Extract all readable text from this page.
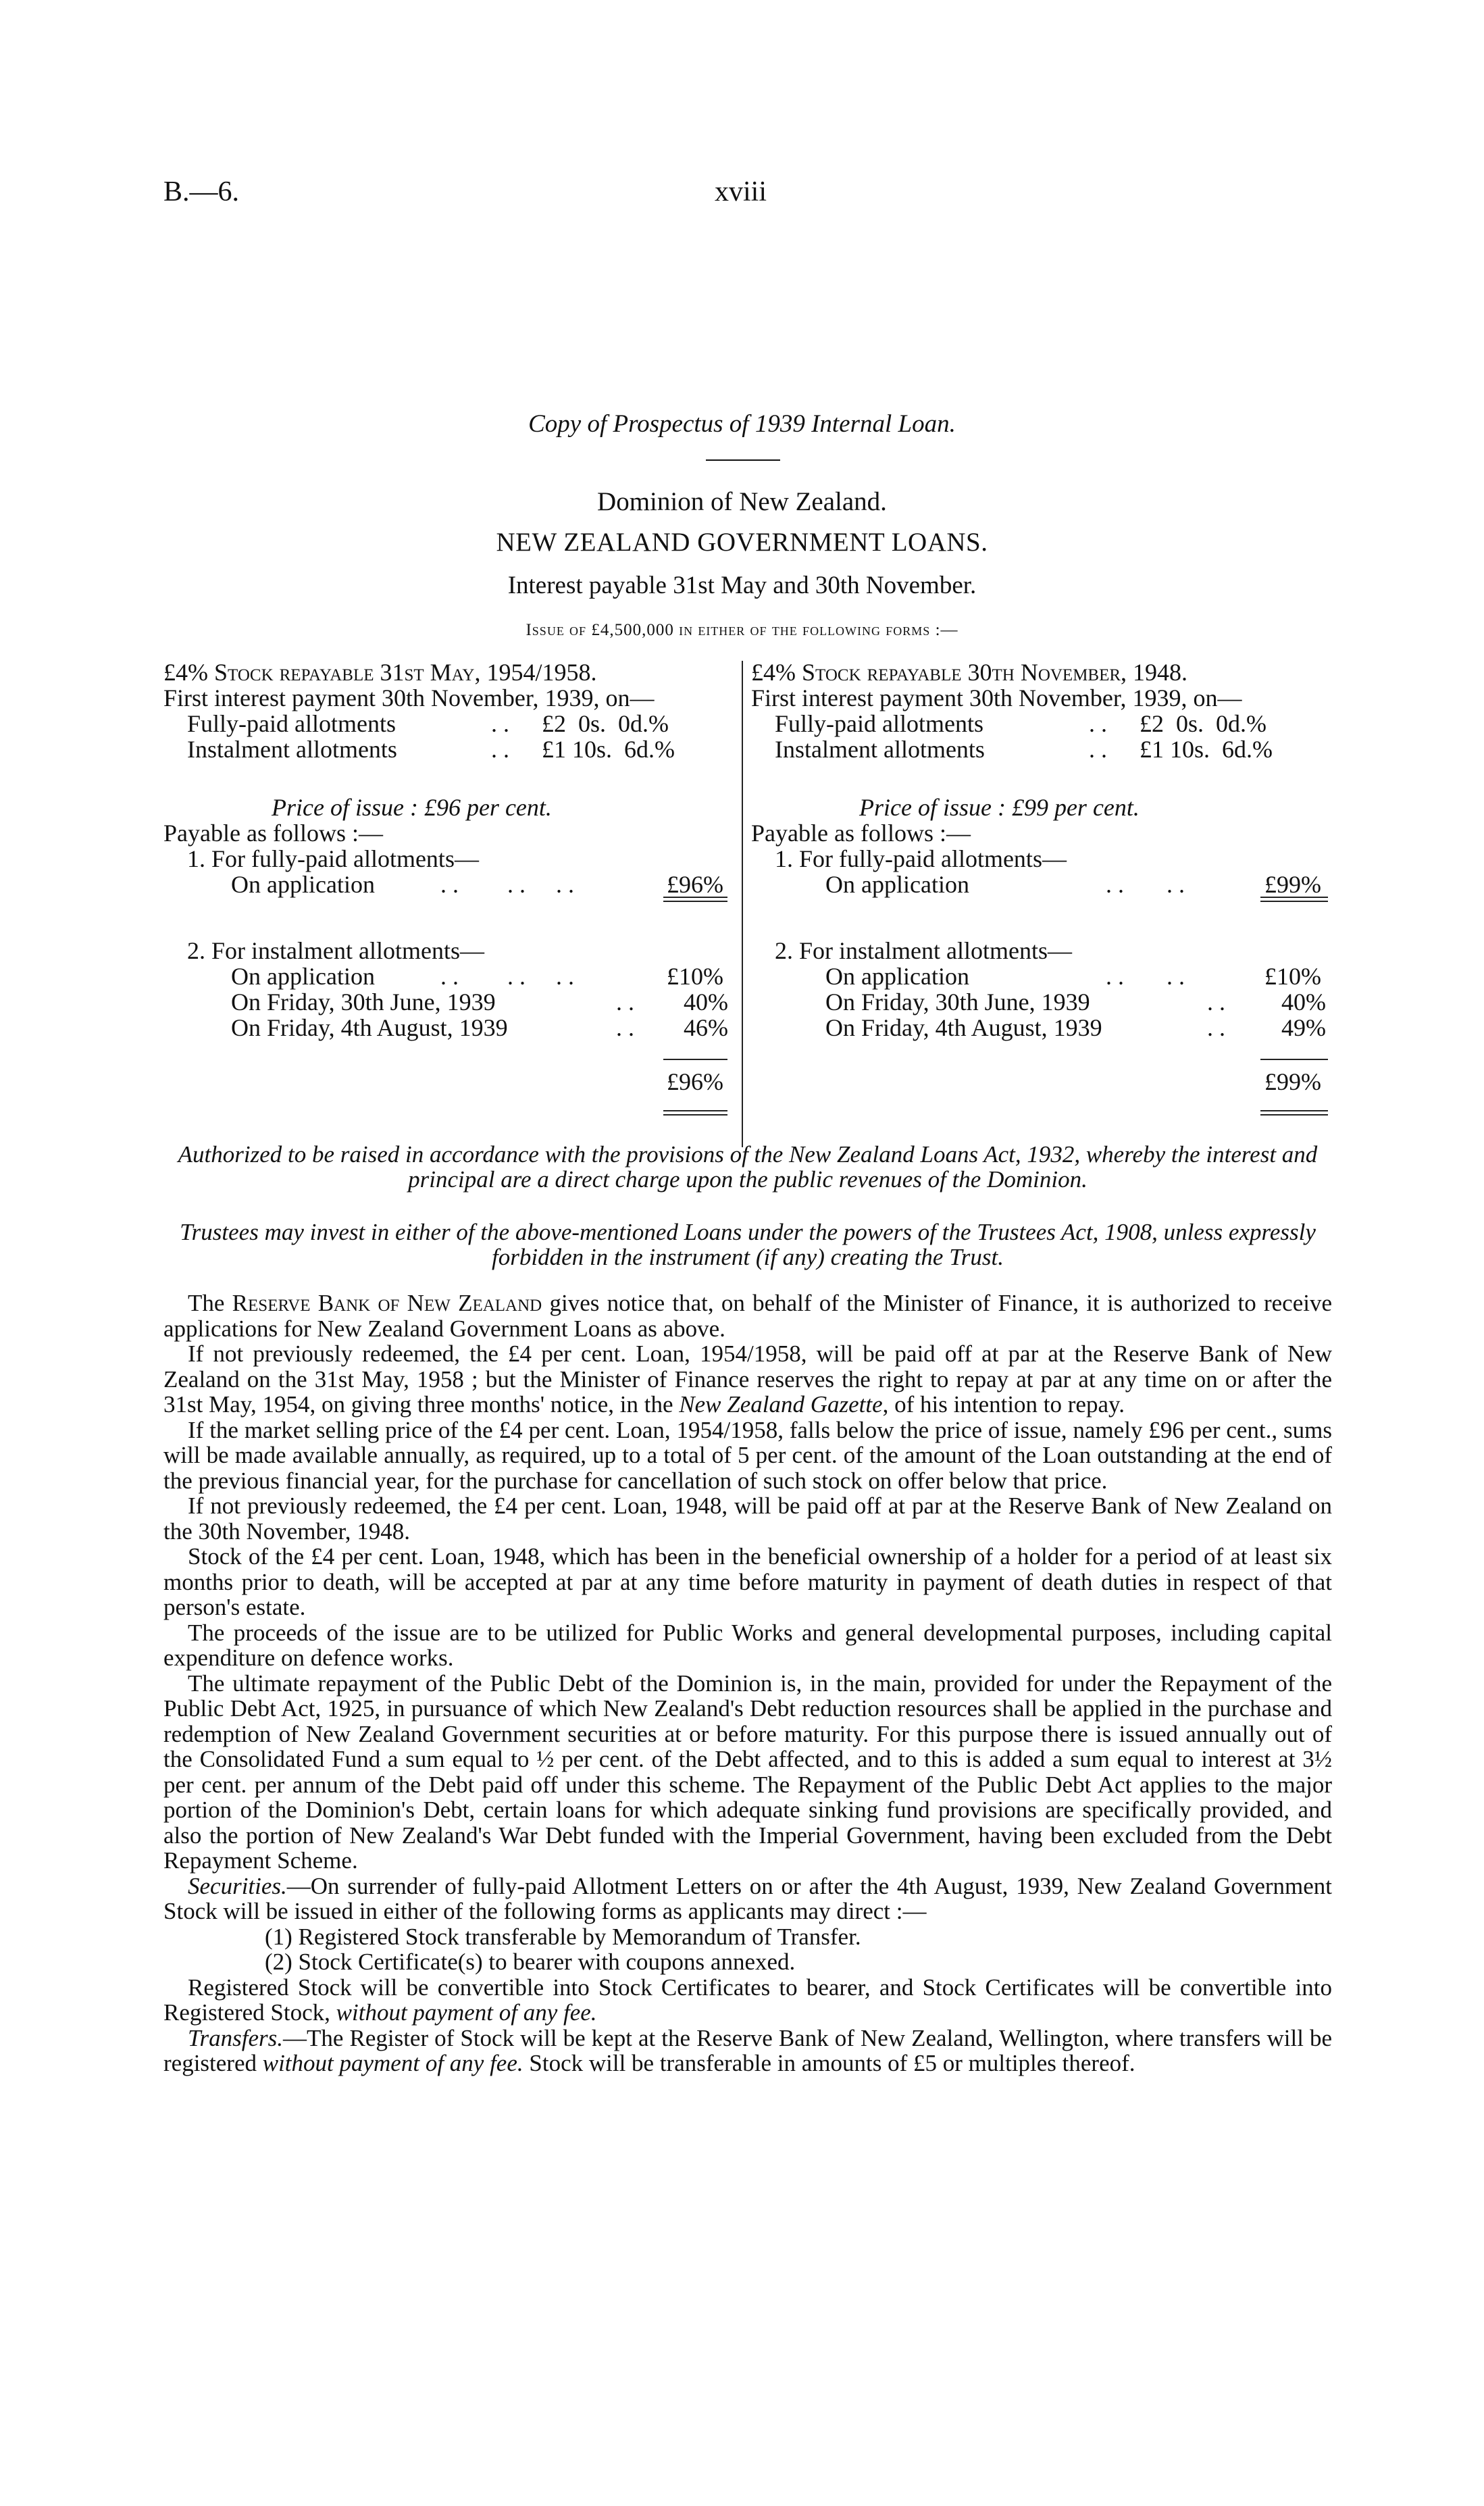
B.—6.	xviii
Copy of Prospectus of 1939 Internal Loan.
Dominion of New Zealand.
NEW ZEALAND GOVERNMENT LOANS.
Interest payable 31st May and 30th November.
Issue of £4,500,000 in either of the following forms :—
£4% Stock repayable 31st May, 1954/1958.
First interest payment 30th November, 1939, on—
Fully-paid allotments	. . £2  0s.  0d.%
Instalment allotments	. . £1 10s.  6d.%
Price of issue : £96 per cent.
Payable as follows :—
1. For fully-paid allotments—
On application	. .        . .     . .	£96%
2. For instalment allotments—
On application	. .        . .     . .	£10%
On Friday, 30th June, 1939	. . 40%
On Friday, 4th August, 1939	. . 46%
£96%
£4% Stock repayable 30th November, 1948.
First interest payment 30th November, 1939, on—
Fully-paid allotments	. . £2  0s.  0d.%
Instalment allotments	. . £1 10s.  6d.%
Price of issue : £99 per cent.
Payable as follows :—
1. For fully-paid allotments—
On application	. .       . .	£99%
2. For instalment allotments—
On application	. .       . .	£10%
On Friday, 30th June, 1939	. . 40%
On Friday, 4th August, 1939	. . 49%
£99%
Authorized to be raised in accordance with the provisions of the New Zealand Loans Act, 1932, whereby the interest and principal are a direct charge upon the public revenues of the Dominion.
Trustees may invest in either of the above-mentioned Loans under the powers of the Trustees Act, 1908, unless expressly forbidden in the instrument (if any) creating the Trust.

The Reserve Bank of New Zealand gives notice that, on behalf of the Minister of Finance, it is authorized to receive applications for New Zealand Government Loans as above.

If not previously redeemed, the £4 per cent. Loan, 1954/1958, will be paid off at par at the Reserve Bank of New Zealand on the 31st May, 1958 ; but the Minister of Finance reserves the right to repay at par at any time on or after the 31st May, 1954, on giving three months' notice, in the New Zealand Gazette, of his intention to repay.

If the market selling price of the £4 per cent. Loan, 1954/1958, falls below the price of issue, namely £96 per cent., sums will be made available annually, as required, up to a total of 5 per cent. of the amount of the Loan outstanding at the end of the previous financial year, for the purchase for cancellation of such stock on offer below that price.

If not previously redeemed, the £4 per cent. Loan, 1948, will be paid off at par at the Reserve Bank of New Zealand on the 30th November, 1948.

Stock of the £4 per cent. Loan, 1948, which has been in the beneficial ownership of a holder for a period of at least six months prior to death, will be accepted at par at any time before maturity in payment of death duties in respect of that person's estate.

The proceeds of the issue are to be utilized for Public Works and general developmental purposes, including capital expenditure on defence works.

The ultimate repayment of the Public Debt of the Dominion is, in the main, provided for under the Repayment of the Public Debt Act, 1925, in pursuance of which New Zealand's Debt reduction resources shall be applied in the purchase and redemption of New Zealand Government securities at or before maturity. For this purpose there is issued annually out of the Consolidated Fund a sum equal to ½ per cent. of the Debt affected, and to this is added a sum equal to interest at 3½ per cent. per annum of the Debt paid off under this scheme. The Repayment of the Public Debt Act applies to the major portion of the Dominion's Debt, certain loans for which adequate sinking fund provisions are specifically provided, and also the portion of New Zealand's War Debt funded with the Imperial Government, having been excluded from the Debt Repayment Scheme.

Securities.—On surrender of fully-paid Allotment Letters on or after the 4th August, 1939, New Zealand Government Stock will be issued in either of the following forms as applicants may direct :—

(1) Registered Stock transferable by Memorandum of Transfer.

(2) Stock Certificate(s) to bearer with coupons annexed.

Registered Stock will be convertible into Stock Certificates to bearer, and Stock Certificates will be convertible into Registered Stock, without payment of any fee.

Transfers.—The Register of Stock will be kept at the Reserve Bank of New Zealand, Wellington, where transfers will be registered without payment of any fee. Stock will be transferable in amounts of £5 or multiples thereof.
